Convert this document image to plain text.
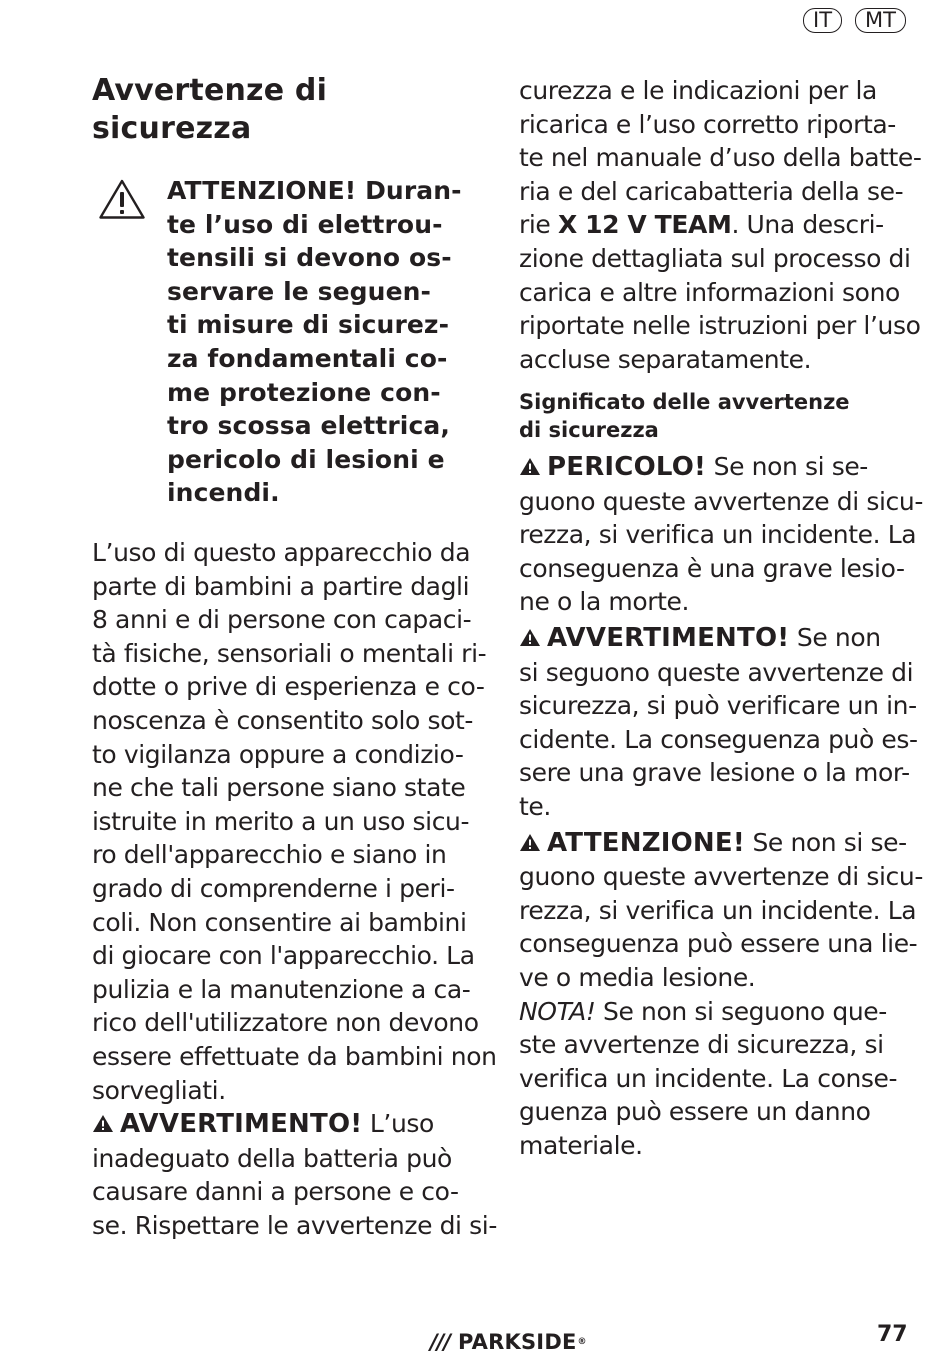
IT	MT
Avvertenze di
sicurezza
ATTENZIONE! Duran-
te l’uso di elettrou-
tensili si devono os-
servare le seguen-
ti misure di sicurez-
za fondamentali co-
me protezione con-
tro scossa elettrica,
pericolo di lesioni e
incendi.
L’uso di questo apparecchio da
parte di bambini a partire dagli
8 anni e di persone con capaci-
tà fisiche, sensoriali o mentali ri-
dotte o prive di esperienza e co-
noscenza è consentito solo sot-
to vigilanza oppure a condizio-
ne che tali persone siano state
istruite in merito a un uso sicu-
ro dell'apparecchio e siano in
grado di comprenderne i peri-
coli. Non consentire ai bambini
di giocare con l'apparecchio. La
pulizia e la manutenzione a ca-
rico dell'utilizzatore non devono
essere effettuate da bambini non
sorvegliati.
AVVERTIMENTO! L’uso
inadeguato della batteria può
causare danni a persone e co-
se. Rispettare le avvertenze di si-
curezza e le indicazioni per la
ricarica e l’uso corretto riporta-
te nel manuale d’uso della batte-
ria e del caricabatteria della se-
rie X 12 V TEAM. Una descri-
zione dettagliata sul processo di
carica e altre informazioni sono
riportate nelle istruzioni per l’uso
accluse separatamente.
Significato delle avvertenze
di sicurezza
PERICOLO! Se non si se-
guono queste avvertenze di sicu-
rezza, si verifica un incidente. La
conseguenza è una grave lesio-
ne o la morte.
AVVERTIMENTO! Se non
si seguono queste avvertenze di
sicurezza, si può verificare un in-
cidente. La conseguenza può es-
sere una grave lesione o la mor-
te.
ATTENZIONE! Se non si se-
guono queste avvertenze di sicu-
rezza, si verifica un incidente. La
conseguenza può essere una lie-
ve o media lesione.
NOTA! Se non si seguono que-
ste avvertenze di sicurezza, si
verifica un incidente. La conse-
guenza può essere un danno
materiale.
/// PARKSIDE ®	77
